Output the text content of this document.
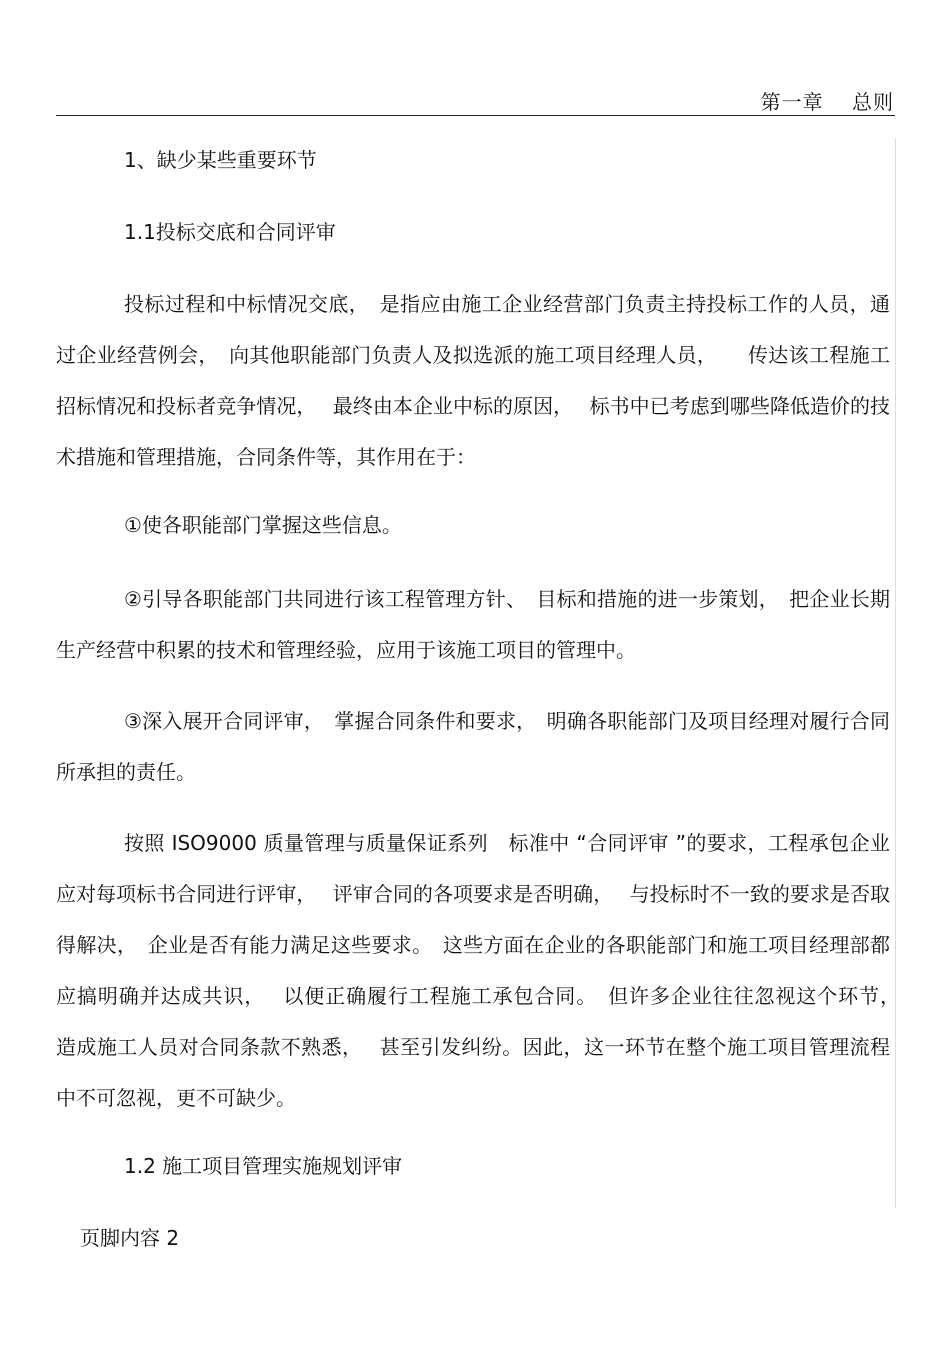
第一章　 总则

1、缺少某些重要环节

1.1投标交底和合同评审

投标过程和中标情况交底，　是指应由施工企业经营部门负责主持投标工作的人员，通过企业经营例会，　向其他职能部门负责人及拟选派的施工项目经理人员，　　传达该工程施工招标情况和投标者竞争情况，　 最终由本企业中标的原因，　 标书中已考虑到哪些降低造价的技术措施和管理措施，合同条件等，其作用在于：

①使各职能部门掌握这些信息。

②引导各职能部门共同进行该工程管理方针、　目标和措施的进一步策划，　把企业长期生产经营中积累的技术和管理经验，应用于该施工项目的管理中。

③深入展开合同评审，　掌握合同条件和要求，　明确各职能部门及项目经理对履行合同所承担的责任。

按照 ISO9000 质量管理与质量保证系列　标准中 “合同评审 ”的要求，工程承包企业应对每项标书合同进行评审，　 评审合同的各项要求是否明确，　 与投标时不一致的要求是否取得解决，　企业是否有能力满足这些要求。　这些方面在企业的各职能部门和施工项目经理部都应搞明确并达成共识，　 以便正确履行工程施工承包合同。　但许多企业往往忽视这个环节，　造成施工人员对合同条款不熟悉，　 甚至引发纠纷。因此，这一环节在整个施工项目管理流程中不可忽视，更不可缺少。

1.2 施工项目管理实施规划评审

页脚内容 2
